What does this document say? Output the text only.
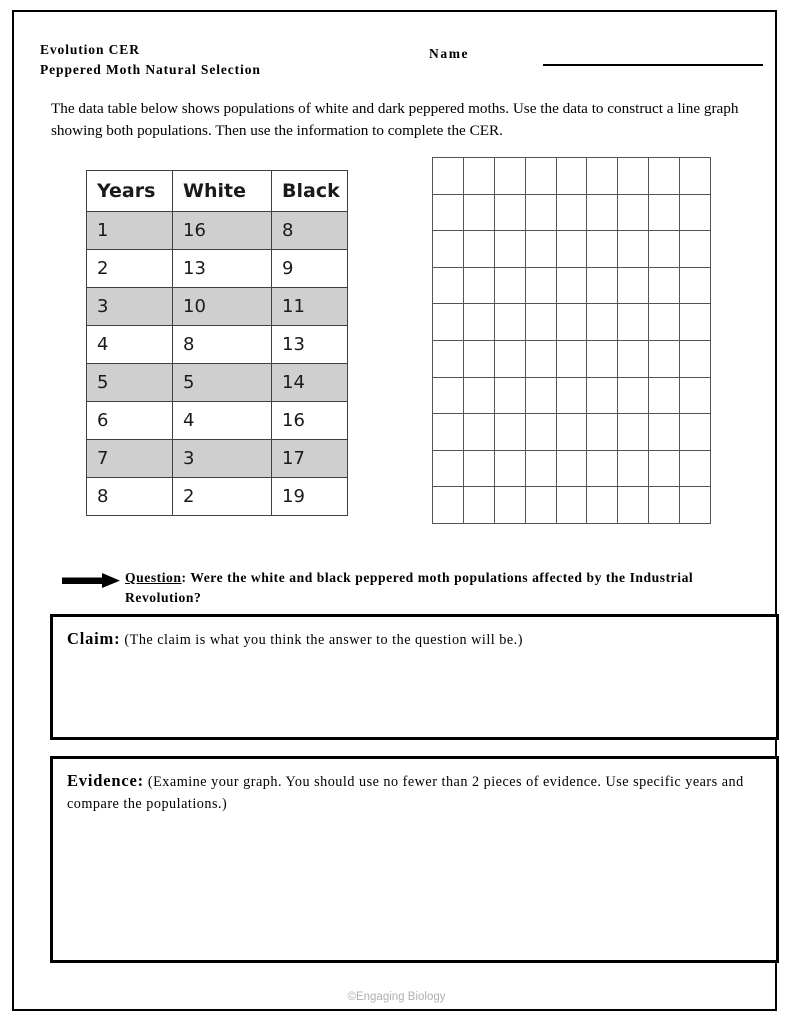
Evolution CER
Peppered Moth Natural Selection
Name
The data table below shows populations of white and dark peppered moths. Use the data to construct a line graph showing both populations. Then use the information to complete the CER.
Years	White	Black
1	16	8
2	13	9
3	10	11
4	8	13
5	5	14
6	4	16
7	3	17
8	2	19
Question: Were the white and black peppered moth populations affected by the Industrial Revolution?
Claim: (The claim is what you think the answer to the question will be.)
Evidence: (Examine your graph. You should use no fewer than 2 pieces of evidence. Use specific years and compare the populations.)
©Engaging Biology
